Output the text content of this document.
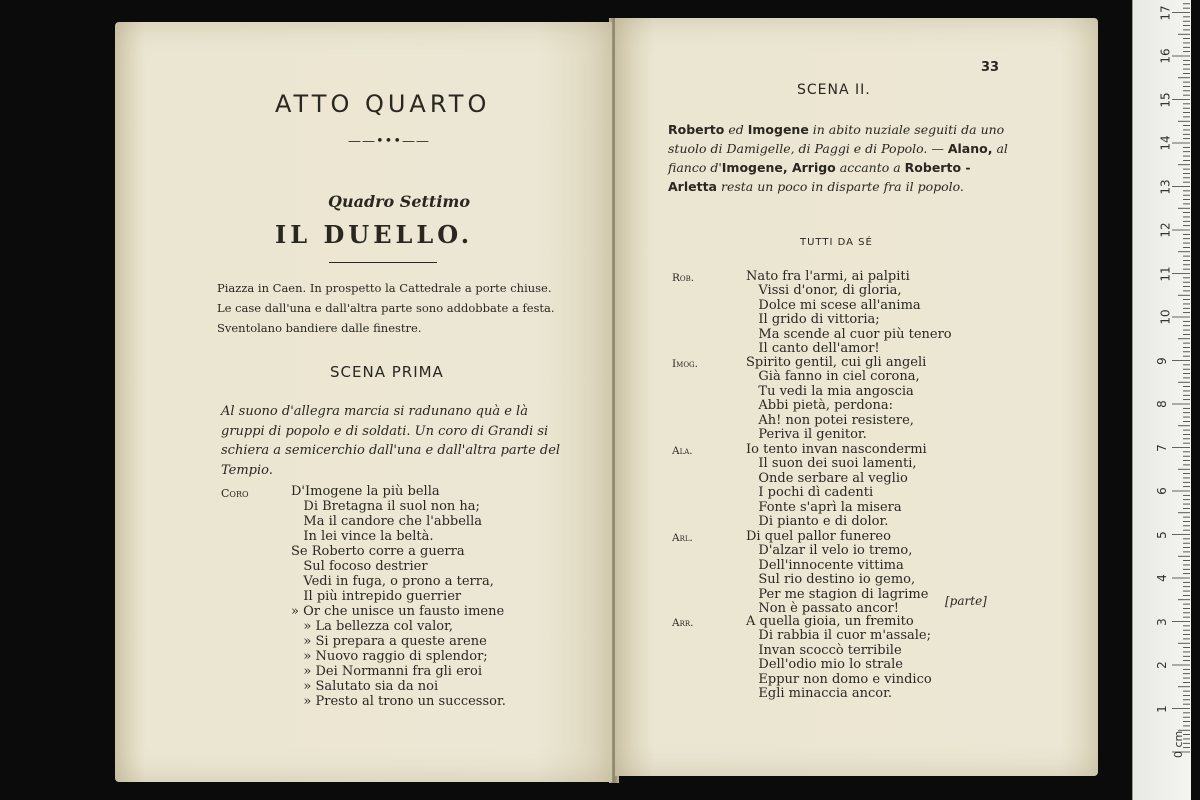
ATTO QUARTO
——•••——
Quadro Settimo
IL DUELLO.
Piazza in Caen. In prospetto la Cattedrale a porte chiuse. Le case dall'una e dall'altra parte sono addobbate a festa. Sventolano bandiere dalle finestre.
SCENA PRIMA
Al suono d'allegra marcia si radunano quà e là gruppi di popolo e di soldati. Un coro di Grandi si schiera a semicerchio dall'una e dall'altra parte del Tempio.
Coro	D'Imogene la più bella
Di Bretagna il suol non ha;
Ma il candore che l'abbella
In lei vince la beltà.
Se Roberto corre a guerra
Sul focoso destrier
Vedi in fuga, o prono a terra,
Il più intrepido guerrier
» Or che unisce un fausto imene
» La bellezza col valor,
» Si prepara a queste arene
» Nuovo raggio di splendor;
» Dei Normanni fra gli eroi
» Salutato sia da noi
» Presto al trono un successor.
33
SCENA II.
Roberto ed Imogene in abito nuziale seguiti da uno stuolo di Damigelle, di Paggi e di Popolo. — Alano, al fianco d'Imogene, Arrigo accanto a Roberto - Arletta resta un poco in disparte fra il popolo.
TUTTI DA SÉ
Rob.	Nato fra l'armi, ai palpiti
Vissi d'onor, di gloria,
Dolce mi scese all'anima
Il grido di vittoria;
Ma scende al cuor più tenero
Il canto dell'amor!
Imog.	Spirito gentil, cui gli angeli
Già fanno in ciel corona,
Tu vedi la mia angoscia
Abbi pietà, perdona:
Ah! non potei resistere,
Periva il genitor.
Ala.	Io tento invan nascondermi
Il suon dei suoi lamenti,
Onde serbare al veglio
I pochi dì cadenti
Fonte s'aprì la misera
Di pianto e di dolor.
Arl.	Di quel pallor funereo
D'alzar il velo io tremo,
Dell'innocente vittima
Sul rio destino io gemo,
Per me stagion di lagrime
Non è passato ancor!
Arr.	A quella gioia, un fremito
Di rabbia il cuor m'assale;
Invan scoccò terribile
Dell'odio mio lo strale
Eppur non domo e vindico
Egli minaccia ancor.
[parte]
1
2
3
4
5
6
7
8
9
10
11
12
13
14
15
16
17
0 cm
